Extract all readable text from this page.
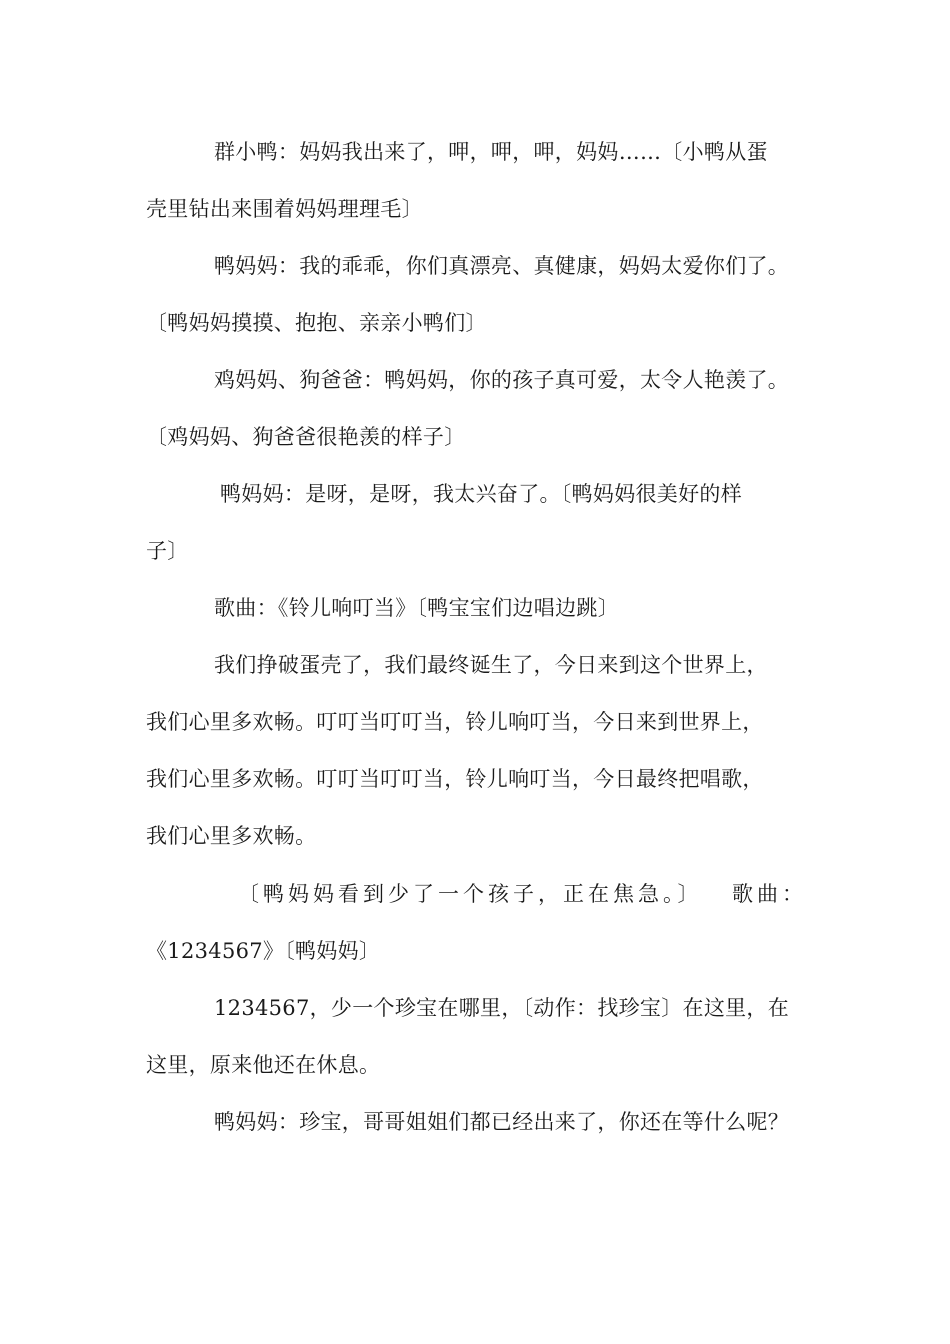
群小鸭：妈妈我出来了，呷，呷，呷，妈妈……〔小鸭从蛋
壳里钻出来围着妈妈理理毛〕
鸭妈妈：我的乖乖，你们真漂亮、真健康，妈妈太爱你们了。
〔鸭妈妈摸摸、抱抱、亲亲小鸭们〕
鸡妈妈、狗爸爸：鸭妈妈，你的孩子真可爱，太令人艳羡了。
〔鸡妈妈、狗爸爸很艳羡的样子〕
鸭妈妈：是呀，是呀，我太兴奋了。〔鸭妈妈很美好的样
子〕
歌曲：《铃儿响叮当》〔鸭宝宝们边唱边跳〕
我们挣破蛋壳了，我们最终诞生了，今日来到这个世界上，
我们心里多欢畅。叮叮当叮叮当，铃儿响叮当，今日来到世界上，
我们心里多欢畅。叮叮当叮叮当，铃儿响叮当，今日最终把唱歌，
我们心里多欢畅。
〔鸭妈妈看到少了一个孩子，正在焦急。〕 歌曲：
《1234567》〔鸭妈妈〕
1234567，少一个珍宝在哪里，〔动作：找珍宝〕在这里，在
这里，原来他还在休息。
鸭妈妈：珍宝，哥哥姐姐们都已经出来了，你还在等什么呢？
